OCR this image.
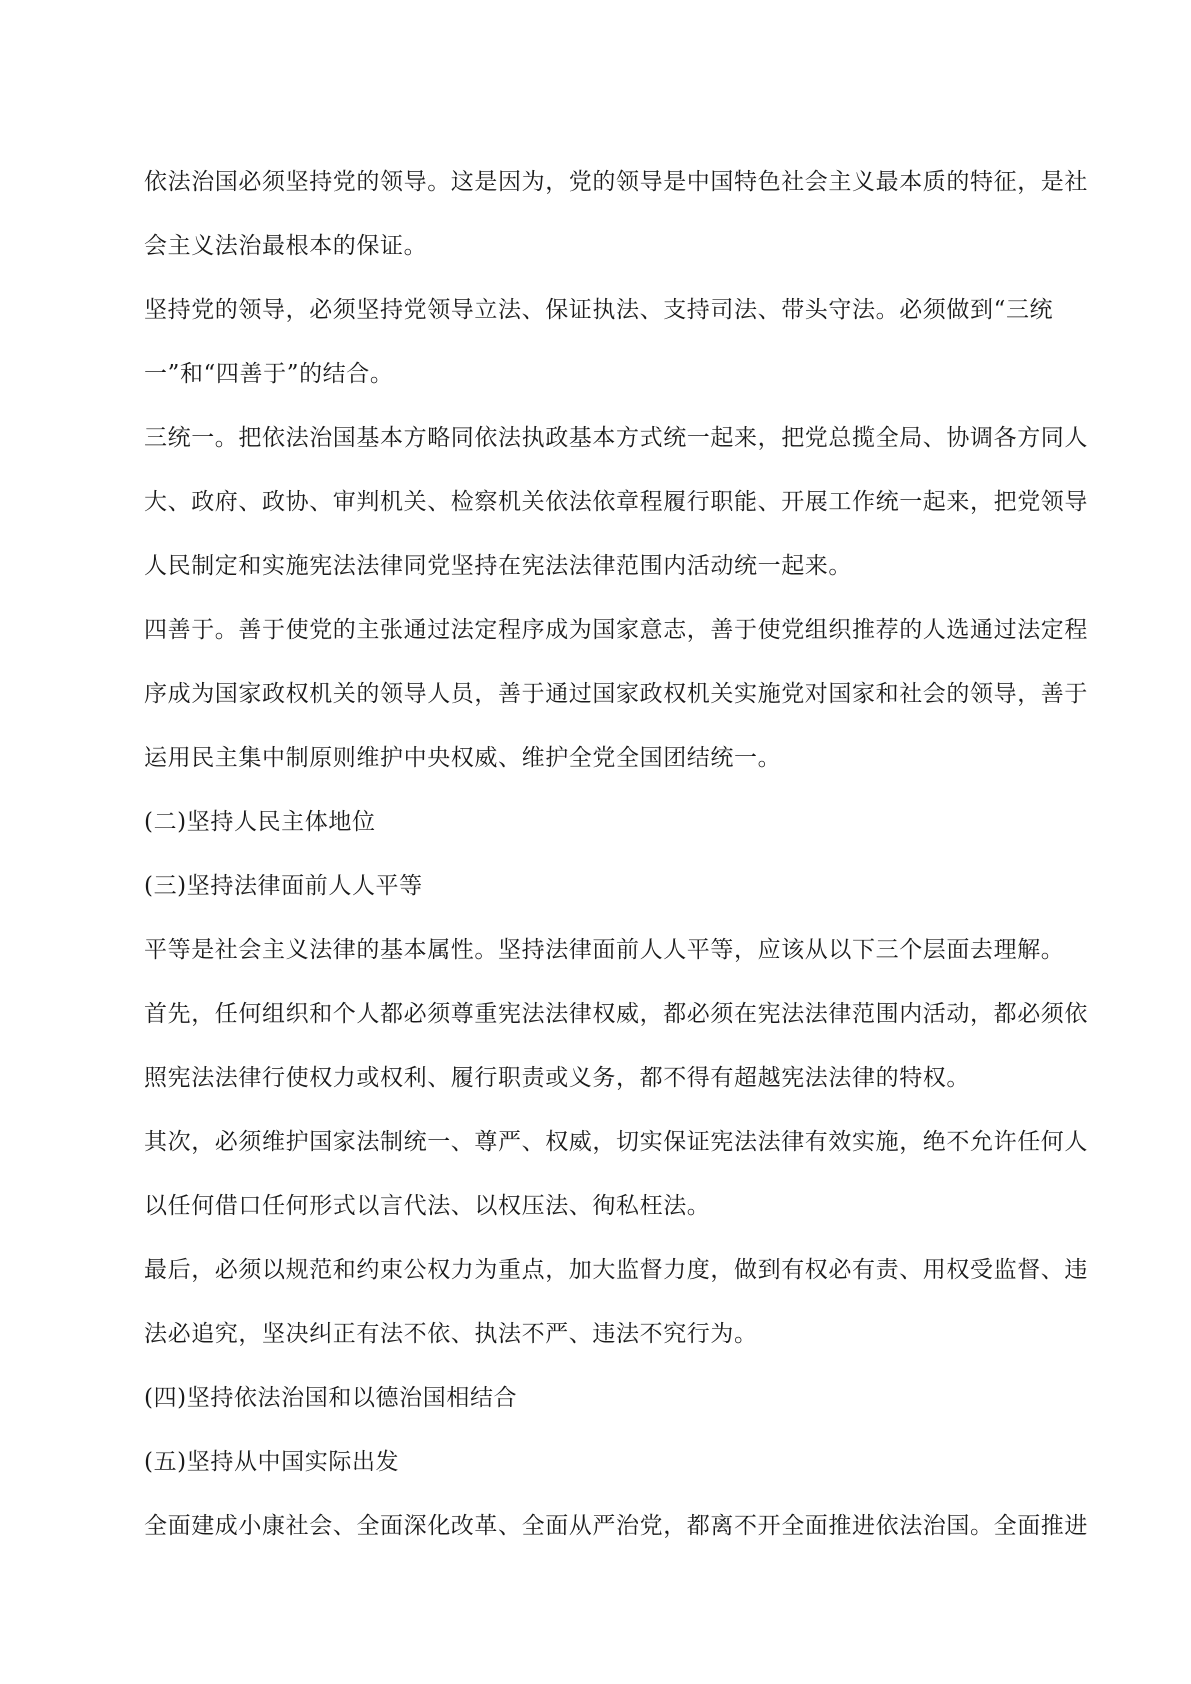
依法治国必须坚持党的领导。这是因为，党的领导是中国特色社会主义最本质的特征，是社会主义法治最根本的保证。

坚持党的领导，必须坚持党领导立法、保证执法、支持司法、带头守法。必须做到“三统一”和“四善于”的结合。

三统一。把依法治国基本方略同依法执政基本方式统一起来，把党总揽全局、协调各方同人大、政府、政协、审判机关、检察机关依法依章程履行职能、开展工作统一起来，把党领导人民制定和实施宪法法律同党坚持在宪法法律范围内活动统一起来。

四善于。善于使党的主张通过法定程序成为国家意志，善于使党组织推荐的人选通过法定程序成为国家政权机关的领导人员，善于通过国家政权机关实施党对国家和社会的领导，善于运用民主集中制原则维护中央权威、维护全党全国团结统一。

(二)坚持人民主体地位

(三)坚持法律面前人人平等

平等是社会主义法律的基本属性。坚持法律面前人人平等，应该从以下三个层面去理解。

首先，任何组织和个人都必须尊重宪法法律权威，都必须在宪法法律范围内活动，都必须依照宪法法律行使权力或权利、履行职责或义务，都不得有超越宪法法律的特权。

其次，必须维护国家法制统一、尊严、权威，切实保证宪法法律有效实施，绝不允许任何人以任何借口任何形式以言代法、以权压法、徇私枉法。

最后，必须以规范和约束公权力为重点，加大监督力度，做到有权必有责、用权受监督、违法必追究，坚决纠正有法不依、执法不严、违法不究行为。

(四)坚持依法治国和以德治国相结合

(五)坚持从中国实际出发

全面建成小康社会、全面深化改革、全面从严治党，都离不开全面推进依法治国。全面推进
